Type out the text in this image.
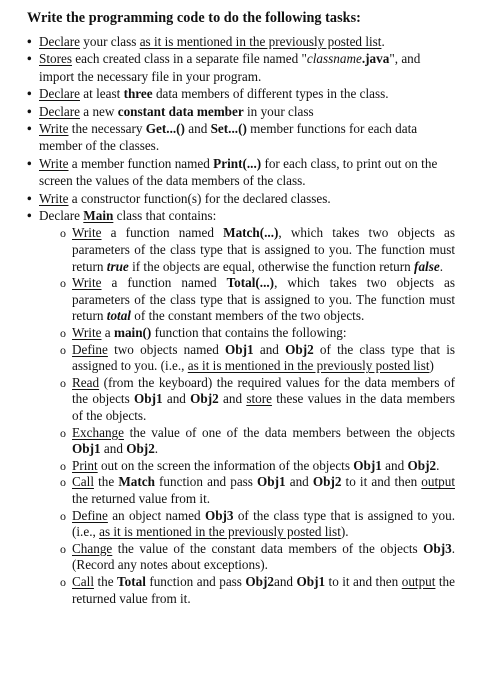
Write the programming code to do the following tasks:
• Declare your class as it is mentioned in the previously posted list.
• Stores each created class in a separate file named "classname.java", and import the necessary file in your program.
• Declare at least three data members of different types in the class.
• Declare a new constant data member in your class
• Write the necessary Get...() and Set...() member functions for each data member of the classes.
• Write a member function named Print(...) for each class, to print out on the screen the values of the data members of the class.
• Write a constructor function(s) for the declared classes.
• Declare Main class that contains:
o Write a function named Match(...), which takes two objects as parameters of the class type that is assigned to you. The function must return true if the objects are equal, otherwise the function return false.
o Write a function named Total(...), which takes two objects as parameters of the class type that is assigned to you. The function must return total of the constant members of the two objects.
o Write a main() function that contains the following:
o Define two objects named Obj1 and Obj2 of the class type that is assigned to you. (i.e., as it is mentioned in the previously posted list)
o Read (from the keyboard) the required values for the data members of the objects Obj1 and Obj2 and store these values in the data members of the objects.
o Exchange the value of one of the data members between the objects Obj1 and Obj2.
o Print out on the screen the information of the objects Obj1 and Obj2.
o Call the Match function and pass Obj1 and Obj2 to it and then output the returned value from it.
o Define an object named Obj3 of the class type that is assigned to you. (i.e., as it is mentioned in the previously posted list).
o Change the value of the constant data members of the objects Obj3. (Record any notes about exceptions).
o Call the Total function and pass Obj2and Obj1 to it and then output the returned value from it.
